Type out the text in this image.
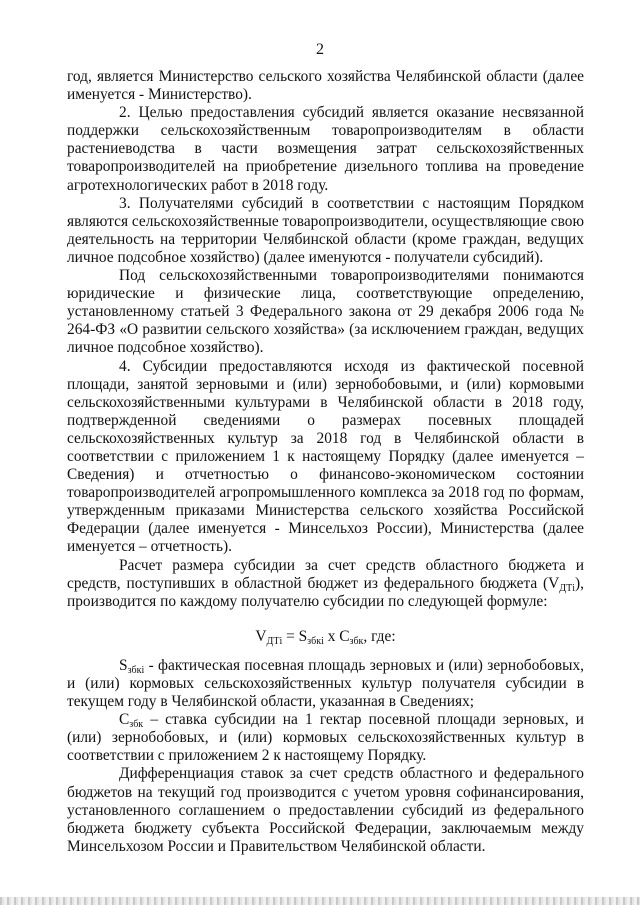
2

год, является Министерство сельского хозяйства Челябинской области (далее именуется - Министерство).

2. Целью предоставления субсидий является оказание несвязанной поддержки сельскохозяйственным товаропроизводителям в области растениеводства в части возмещения затрат сельскохозяйственных товаропроизводителей на приобретение дизельного топлива на проведение агротехнологических работ в 2018 году.

3. Получателями субсидий в соответствии с настоящим Порядком являются сельскохозяйственные товаропроизводители, осуществляющие свою деятельность на территории Челябинской области (кроме граждан, ведущих личное подсобное хозяйство) (далее именуются - получатели субсидий).

Под сельскохозяйственными товаропроизводителями понимаются юридические и физические лица, соответствующие определению, установленному статьей 3 Федерального закона от 29 декабря 2006 года № 264-ФЗ «О развитии сельского хозяйства» (за исключением граждан, ведущих личное подсобное хозяйство).

4. Субсидии предоставляются исходя из фактической посевной площади, занятой зерновыми и (или) зернобобовыми, и (или) кормовыми сельскохозяйственными культурами в Челябинской области в 2018 году, подтвержденной сведениями о размерах посевных площадей сельскохозяйственных культур за 2018 год в Челябинской области в соответствии с приложением 1 к настоящему Порядку (далее именуется – Сведения) и отчетностью о финансово-экономическом состоянии товаропроизводителей агропромышленного комплекса за 2018 год по формам, утвержденным приказами Министерства сельского хозяйства Российской Федерации (далее именуется - Минсельхоз России), Министерства (далее именуется – отчетность).

Расчет размера субсидии за счет средств областного бюджета и средств, поступивших в областной бюджет из федерального бюджета $(V_{ДТi})$, производится по каждому получателю субсидии по следующей формуле:

$V_{ДТi} = S_{збкi}$ x $C_{збк}$, где:

$S_{збкi}$ - фактическая посевная площадь зерновых и (или) зернобобовых, и (или) кормовых сельскохозяйственных культур получателя субсидии в текущем году в Челябинской области, указанная в Сведениях;

$C_{збк}$ – ставка субсидии на 1 гектар посевной площади зерновых, и (или) зернобобовых, и (или) кормовых сельскохозяйственных культур в соответствии с приложением 2 к настоящему Порядку.

Дифференциация ставок за счет средств областного и федерального бюджетов на текущий год производится с учетом уровня софинансирования, установленного соглашением о предоставлении субсидий из федерального бюджета бюджету субъекта Российской Федерации, заключаемым между Минсельхозом России и Правительством Челябинской области.
